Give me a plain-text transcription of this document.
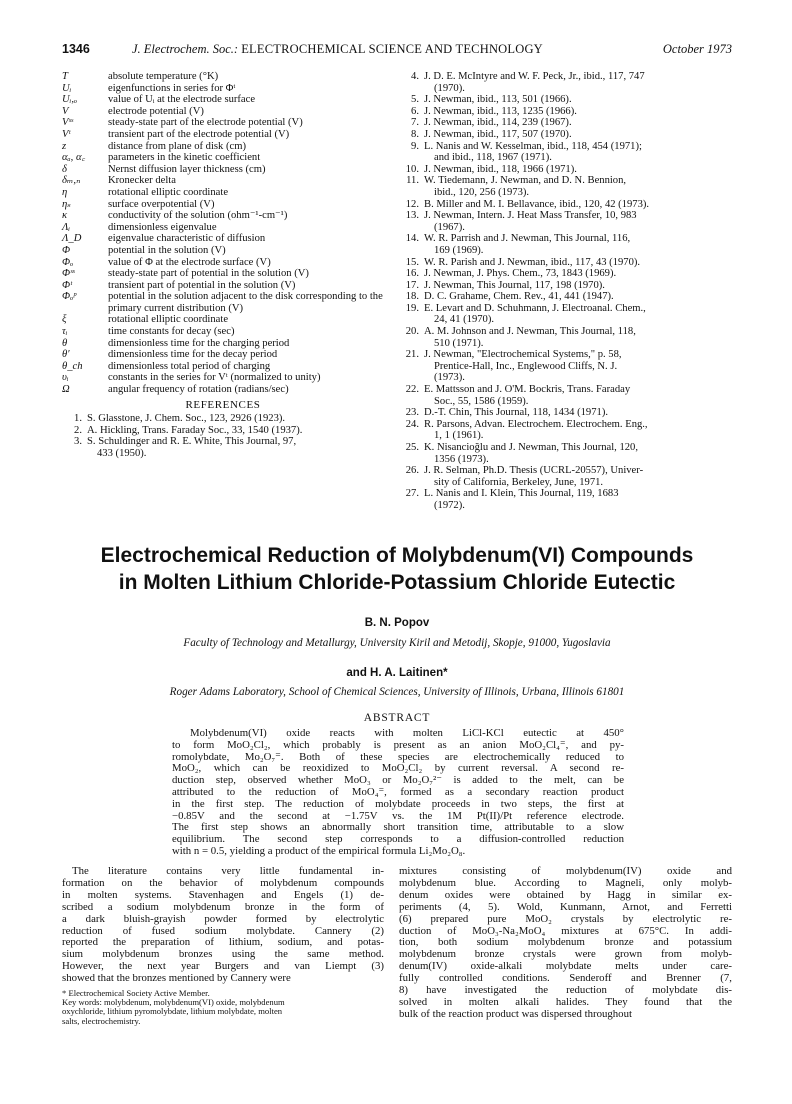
1346	J. Electrochem. Soc.: ELECTROCHEMICAL SCIENCE AND TECHNOLOGY	October 1973
T	absolute temperature (°K)
Uᵢ	eigenfunctions in series for Φᵗ
Uᵢ,ₒ	value of Uᵢ at the electrode surface
V	electrode potential (V)
Vˢˢ	steady-state part of the electrode potential (V)
Vᵗ	transient part of the electrode potential (V)
z	distance from plane of disk (cm)
αₐ, α꜀	parameters in the kinetic coefficient
δ	Nernst diffusion layer thickness (cm)
δₘ,ₙ	Kronecker delta
η	rotational elliptic coordinate
ηₛ	surface overpotential (V)
κ	conductivity of the solution (ohm⁻¹-cm⁻¹)
Λᵢ	dimensionless eigenvalue
Λ_D	eigenvalue characteristic of diffusion
Φ	potential in the solution (V)
Φₒ	value of Φ at the electrode surface (V)
Φˢˢ	steady-state part of potential in the solution (V)
Φᵗ	transient part of potential in the solution (V)
Φₒᵖ	potential in the solution adjacent to the disk corresponding to the primary current distribution (V)
ξ	rotational elliptic coordinate
τᵢ	time constants for decay (sec)
θ	dimensionless time for the charging period
θ′	dimensionless time for the decay period
θ_ch	dimensionless total period of charging
υᵢ	constants in the series for Vᵗ (normalized to unity)
Ω	angular frequency of rotation (radians/sec)
REFERENCES
1. S. Glasstone, J. Chem. Soc., 123, 2926 (1923).
2. A. Hickling, Trans. Faraday Soc., 33, 1540 (1937).
3. S. Schuldinger and R. E. White, This Journal, 97,
433 (1950).
4. J. D. E. McIntyre and W. F. Peck, Jr., ibid., 117, 747
(1970).
5. J. Newman, ibid., 113, 501 (1966).
6. J. Newman, ibid., 113, 1235 (1966).
7. J. Newman, ibid., 114, 239 (1967).
8. J. Newman, ibid., 117, 507 (1970).
9. L. Nanis and W. Kesselman, ibid., 118, 454 (1971);
and ibid., 118, 1967 (1971).
10. J. Newman, ibid., 118, 1966 (1971).
11. W. Tiedemann, J. Newman, and D. N. Bennion,
ibid., 120, 256 (1973).
12. B. Miller and M. I. Bellavance, ibid., 120, 42 (1973).
13. J. Newman, Intern. J. Heat Mass Transfer, 10, 983
(1967).
14. W. R. Parrish and J. Newman, This Journal, 116,
169 (1969).
15. W. R. Parish and J. Newman, ibid., 117, 43 (1970).
16. J. Newman, J. Phys. Chem., 73, 1843 (1969).
17. J. Newman, This Journal, 117, 198 (1970).
18. D. C. Grahame, Chem. Rev., 41, 441 (1947).
19. E. Levart and D. Schuhmann, J. Electroanal. Chem.,
24, 41 (1970).
20. A. M. Johnson and J. Newman, This Journal, 118,
510 (1971).
21. J. Newman, "Electrochemical Systems," p. 58,
Prentice-Hall, Inc., Englewood Cliffs, N. J.
(1973).
22. E. Mattsson and J. O'M. Bockris, Trans. Faraday
Soc., 55, 1586 (1959).
23. D.-T. Chin, This Journal, 118, 1434 (1971).
24. R. Parsons, Advan. Electrochem. Electrochem. Eng.,
1, 1 (1961).
25. K. Nisancioğlu and J. Newman, This Journal, 120,
1356 (1973).
26. J. R. Selman, Ph.D. Thesis (UCRL-20557), Univer-
sity of California, Berkeley, June, 1971.
27. L. Nanis and I. Klein, This Journal, 119, 1683
(1972).
Electrochemical Reduction of Molybdenum(VI) Compounds
in Molten Lithium Chloride-Potassium Chloride Eutectic
B. N. Popov
Faculty of Technology and Metallurgy, University Kiril and Metodij, Skopje, 91000, Yugoslavia
and H. A. Laitinen*
Roger Adams Laboratory, School of Chemical Sciences, University of Illinois, Urbana, Illinois 61801
ABSTRACT
Molybdenum(VI) oxide reacts with molten LiCl-KCl eutectic at 450°
to form MoO₂Cl₂, which probably is present as an anion MoO₂Cl₄⁼, and py-
romolybdate, Mo₂O₇⁼. Both of these species are electrochemically reduced to
MoO₂, which can be reoxidized to MoO₂Cl₂ by current reversal. A second re-
duction step, observed whether MoO₃ or Mo₂O₇²⁻ is added to the melt, can be
attributed to the reduction of MoO₄⁼, formed as a secondary reaction product
in the first step. The reduction of molybdate proceeds in two steps, the first at
−0.85V and the second at −1.75V vs. the 1M Pt(II)/Pt reference electrode.
The first step shows an abnormally short transition time, attributable to a slow
equilibrium. The second step corresponds to a diffusion-controlled reduction
with n = 0.5, yielding a product of the empirical formula Li₂Mo₂O₈.
The literature contains very little fundamental in-
formation on the behavior of molybdenum compounds
in molten systems. Stavenhagen and Engels (1) de-
scribed a sodium molybdenum bronze in the form of
a dark bluish-grayish powder formed by electrolytic
reduction of fused sodium molybdate. Cannery (2)
reported the preparation of lithium, sodium, and potas-
sium molybdenum bronzes using the same method.
However, the next year Burgers and van Liempt (3)
showed that the bronzes mentioned by Cannery were
* Electrochemical Society Active Member.
Key words: molybdenum, molybdenum(VI) oxide, molybdenum
oxychloride, lithium pyromolybdate, lithium molybdate, molten
salts, electrochemistry.
mixtures consisting of molybdenum(IV) oxide and
molybdenum blue. According to Magneli, only molyb-
denum oxides were obtained by Hagg in similar ex-
periments (4, 5). Wold, Kunmann, Arnot, and Ferretti
(6) prepared pure MoO₂ crystals by electrolytic re-
duction of MoO₃-Na₂MoO₄ mixtures at 675°C. In addi-
tion, both sodium molybdenum bronze and potassium
molybdenum bronze crystals were grown from molyb-
denum(IV) oxide-alkali molybdate melts under care-
fully controlled conditions. Senderoff and Brenner (7,
8) have investigated the reduction of molybdate dis-
solved in molten alkali halides. They found that the
bulk of the reaction product was dispersed throughout
